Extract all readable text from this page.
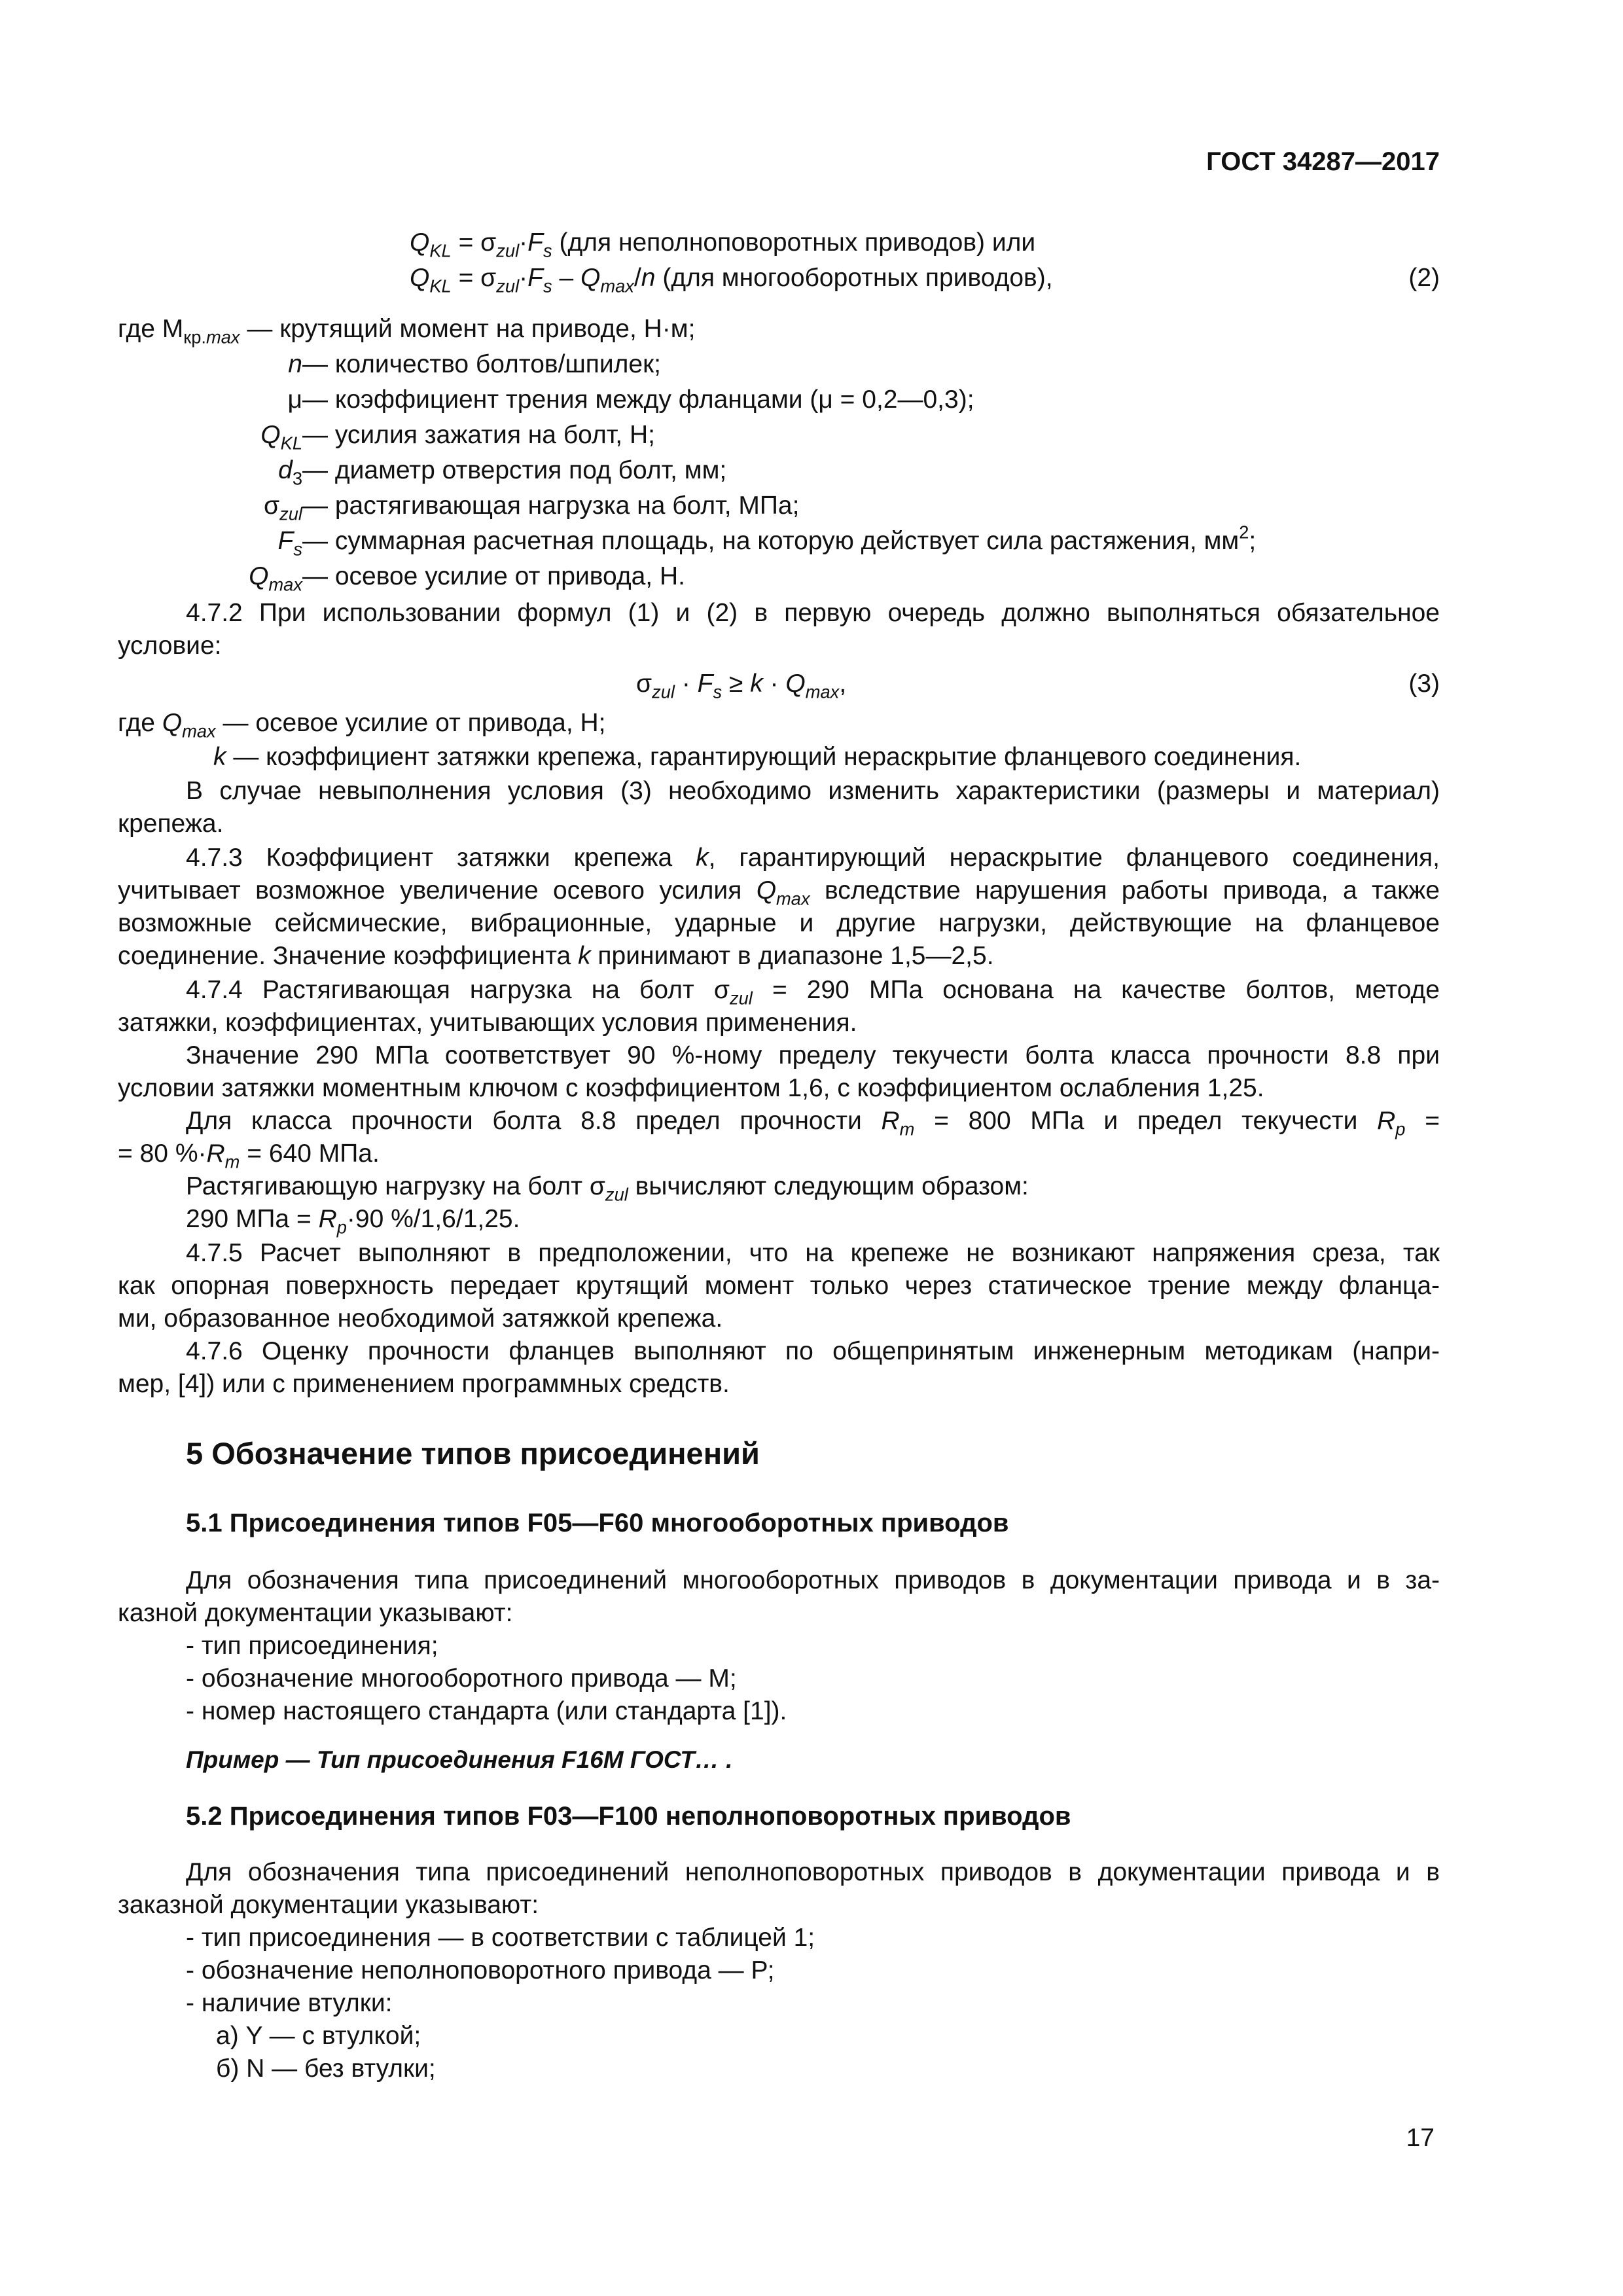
ГОСТ 34287—2017
$Q_{KL} = \sigma_{zul}\cdot F_s$ (для неполноповоротных приводов) или
$Q_{KL} = \sigma_{zul}\cdot F_s - Q_{max}/n$ (для многооборотных приводов),	(2)
где $М_{кр.max}$ — крутящий момент на приводе, Н·м;
— количество болтов/шпилек;
n
μ — коэффициент трения между фланцами (μ = 0,2—0,3);
$Q_{KL}$ — усилия зажатия на болт, Н;
$d_3$ — диаметр отверстия под болт, мм;
$\sigma_{zul}$ — растягивающая нагрузка на болт, МПа;
$F_s$ — суммарная расчетная площадь, на которую действует сила растяжения, $мм^2$;
$Q_{max}$ — осевое усилие от привода, Н.
4.7.2 При использовании формул (1) и (2) в первую очередь должно выполняться обязательное
условие:
$\sigma_{zul} \cdot F_s \ge k \cdot Q_{max}$,	(3)
где $Q_{max}$ — осевое усилие от привода, Н;
k — коэффициент затяжки крепежа, гарантирующий нераскрытие фланцевого соединения.
В случае невыполнения условия (3) необходимо изменить характеристики (размеры и материал)
крепежа.
4.7.3 Коэффициент затяжки крепежа k, гарантирующий нераскрытие фланцевого соединения,
учитывает возможное увеличение осевого усилия $Q_{max}$ вследствие нарушения работы привода, а также
возможные сейсмические, вибрационные, ударные и другие нагрузки, действующие на фланцевое
соединение. Значение коэффициента k принимают в диапазоне 1,5—2,5.
4.7.4 Растягивающая нагрузка на болт $\sigma_{zul} = 290$ МПа основана на качестве болтов, методе
затяжки, коэффициентах, учитывающих условия применения.
Значение 290 МПа соответствует 90 %-ному пределу текучести болта класса прочности 8.8 при
условии затяжки моментным ключом с коэффициентом 1,6, с коэффициентом ослабления 1,25.
Для класса прочности болта 8.8 предел прочности $R_m = 800$ МПа и предел текучести $R_p$ =
= 80 $\%\cdot R_m = 640$ МПа.
Растягивающую нагрузку на болт $\sigma_{zul}$ вычисляют следующим образом:
290 МПа = $R_p\cdot 90$ %/1,6/1,25.
4.7.5 Расчет выполняют в предположении, что на крепеже не возникают напряжения среза, так
как опорная поверхность передает крутящий момент только через статическое трение между фланца-
ми, образованное необходимой затяжкой крепежа.
4.7.6 Оценку прочности фланцев выполняют по общепринятым инженерным методикам (напри-
мер, [4]) или с применением программных средств.
5 Обозначение типов присоединений
5.1 Присоединения типов F05—F60 многооборотных приводов
Для обозначения типа присоединений многооборотных приводов в документации привода и в за-
казной документации указывают:
- тип присоединения;
- обозначение многооборотного привода — М;
- номер настоящего стандарта (или стандарта [1]).
Пример — Тип присоединения F16M ГОСТ… .
5.2 Присоединения типов F03—F100 неполноповоротных приводов
Для обозначения типа присоединений неполноповоротных приводов в документации привода и в
заказной документации указывают:
- тип присоединения — в соответствии с таблицей 1;
- обозначение неполноповоротного привода — Р;
- наличие втулки:
а) Y — с втулкой;
б) N — без втулки;
17
